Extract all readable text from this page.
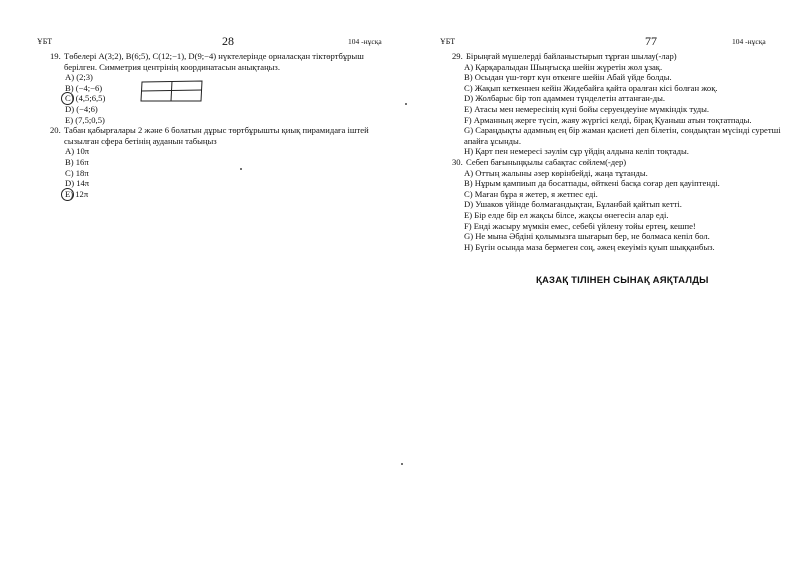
ҰБТ	28	104 -нұсқа
19. Төбелері A(3;2), B(6;5), C(12;−1), D(9;−4) нүктелерінде орналасқан тіктөртбұрыш берілген. Симметрия центрінің координатасын анықтаңыз.
A) (2;3)
B) (−4;−6)
C) (4,5;6,5)
D) (−4;6)
E) (7,5;0,5)
20. Табан қабырғалары 2 және 6 болатын дұрыс төртбұрышты қиық пирамидаға іштей сызылған сфера бетінің ауданын табыңыз
A) 10π
B) 16π
C) 18π
D) 14π
E) 12π
ҰБТ	77	104 -нұсқа
29. Бірыңғай мүшелерді байланыстырып тұрған шылау(-лар)
A) Қарқаралыдан Шыңғысқа шейін жүретін жол ұзақ.
B) Осыдан үш-төрт күн өткенге шейін Абай үйде болды.
C) Жақып кеткеннен кейін Жидебайға қайта оралған кісі болған жоқ.
D) Жолбарыс бір топ адаммен түнделетін аттанған-ды.
E) Атасы мен немересінің күні бойы серуендеуіне мүмкіндік туды.
F) Арманның жерге түсіп, жаяу жүргісі келді, бірақ Қуаныш атын тоқтатпады.
G) Сараңдықты адамның ең бір жаман қасиеті деп білетін, сондықтан мүсінді суретші апайға ұсынды.
H) Қарт пен немересі зәулім сұр үйдің алдына келіп тоқтады.
30. Себеп бағыныңқылы сабақтас сөйлем(-дер)
A) Оттың жалыны әзер көрінбейді, жаңа тұтанды.
B) Нұрым қампиып да босатпады, өйткені басқа соғар деп қауіптенді.
C) Маған бұра я жетер, я жетпес еді.
D) Ушаков үйінде болмағандықтан, Бұланбай қайтып кетті.
E) Бір елде бір ел жақсы білсе, жақсы өнегесін алар еді.
F) Енді жасыру мүмкін емес, себебі үйлену тойы ертең, кешпе!
G) Не мына Әбдіні қолымызға шығарып бер, не болмаса кепіл бол.
H) Бүгін осында маза бермеген соң, әжең екеуіміз қуып шыққанбыз.
ҚАЗАҚ ТІЛІНЕН СЫНАҚ АЯҚТАЛДЫ
